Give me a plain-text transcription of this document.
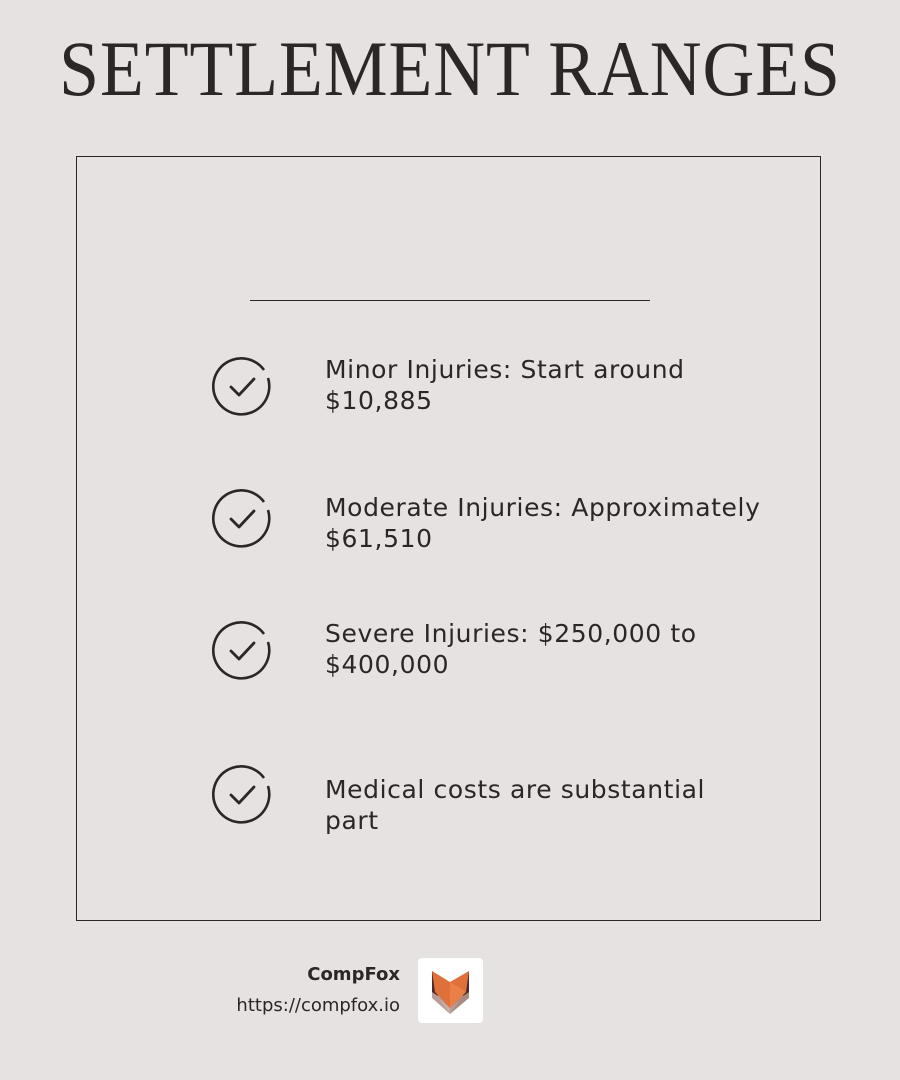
SETTLEMENT RANGES
Minor Injuries: Start around $10,885
Moderate Injuries: Approximately $61,510
Severe Injuries: $250,000 to $400,000
Medical costs are substantial part
CompFox
https://compfox.io
